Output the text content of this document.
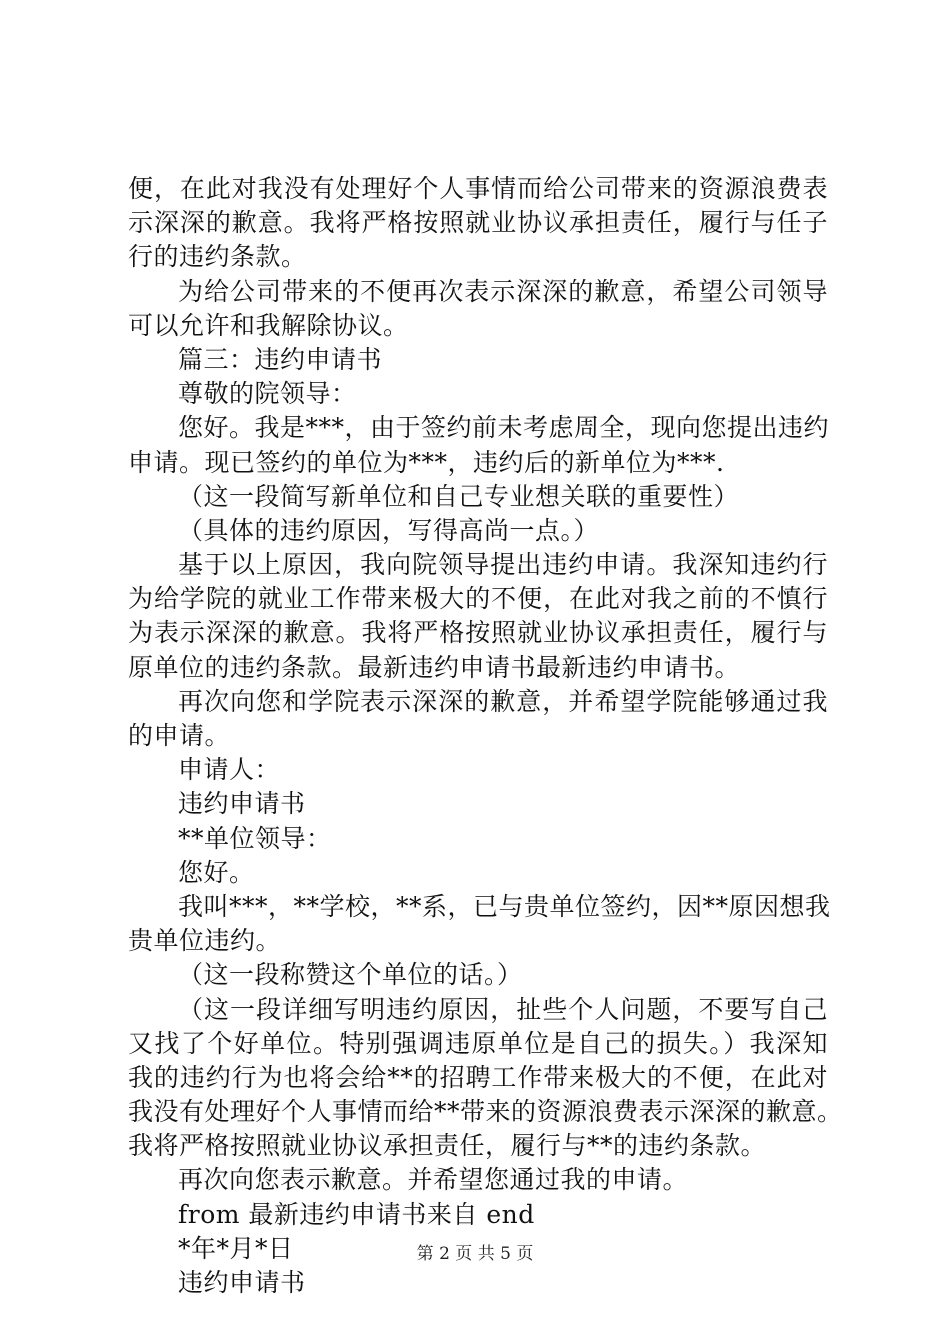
便，在此对我没有处理好个人事情而给公司带来的资源浪费表
示深深的歉意。我将严格按照就业协议承担责任，履行与任子
行的违约条款。
为给公司带来的不便再次表示深深的歉意，希望公司领导
可以允许和我解除协议。
篇三：违约申请书
尊敬的院领导：
您好。我是***，由于签约前未考虑周全，现向您提出违约
申请。现已签约的单位为***，违约后的新单位为***.
（这一段简写新单位和自己专业想关联的重要性）
（具体的违约原因，写得高尚一点。）
基于以上原因，我向院领导提出违约申请。我深知违约行
为给学院的就业工作带来极大的不便，在此对我之前的不慎行
为表示深深的歉意。我将严格按照就业协议承担责任，履行与
原单位的违约条款。最新违约申请书最新违约申请书。
再次向您和学院表示深深的歉意，并希望学院能够通过我
的申请。
申请人：
违约申请书
**单位领导：
您好。
我叫***，**学校，**系，已与贵单位签约，因**原因想我
贵单位违约。
（这一段称赞这个单位的话。）
（这一段详细写明违约原因，扯些个人问题，不要写自己
又找了个好单位。特别强调违原单位是自己的损失。）我深知
我的违约行为也将会给**的招聘工作带来极大的不便，在此对
我没有处理好个人事情而给**带来的资源浪费表示深深的歉意。
我将严格按照就业协议承担责任，履行与**的违约条款。
再次向您表示歉意。并希望您通过我的申请。
from 最新违约申请书来自 end
*年*月*日
违约申请书
第 2 页 共 5 页
